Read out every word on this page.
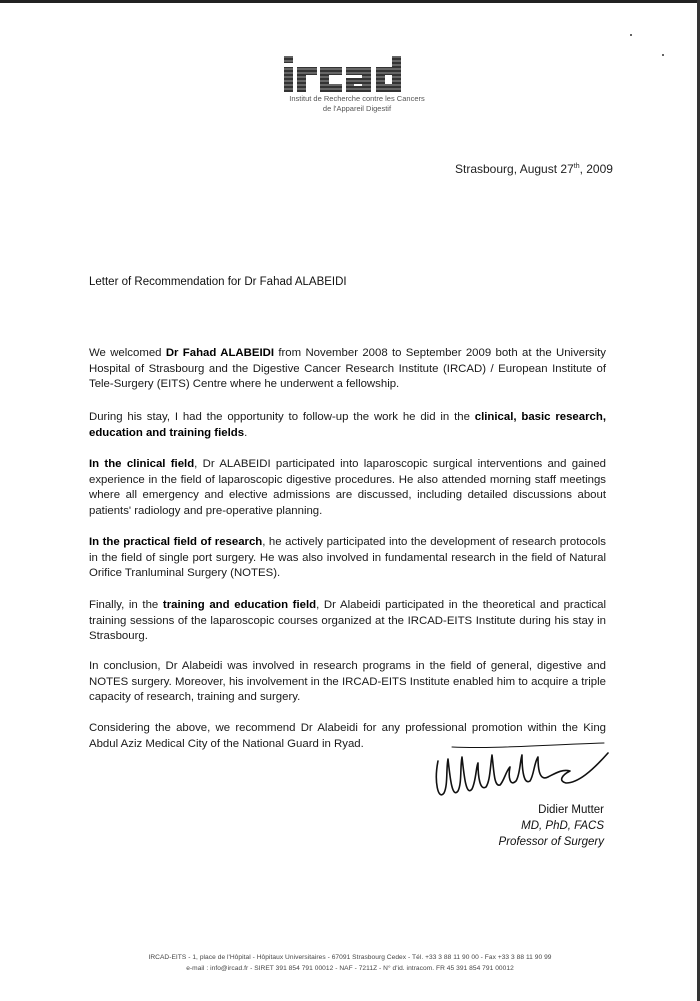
Institut de Recherche contre les Cancers
de l'Appareil Digestif
Strasbourg, August 27th, 2009
Letter of Recommendation for Dr Fahad ALABEIDI
We welcomed Dr Fahad ALABEIDI from November 2008 to September 2009 both at the University Hospital of Strasbourg and the Digestive Cancer Research Institute (IRCAD) / European Institute of Tele-Surgery (EITS) Centre where he underwent a fellowship.
During his stay, I had the opportunity to follow-up the work he did in the clinical, basic research, education and training fields.
In the clinical field, Dr ALABEIDI participated into laparoscopic surgical interventions and gained experience in the field of laparoscopic digestive procedures. He also attended morning staff meetings where all emergency and elective admissions are discussed, including detailed discussions about patients' radiology and pre-operative planning.
In the practical field of research, he actively participated into the development of research protocols in the field of single port surgery. He was also involved in fundamental research in the field of Natural Orifice Tranluminal Surgery (NOTES).
Finally, in the training and education field, Dr Alabeidi participated in the theoretical and practical training sessions of the laparoscopic courses organized at the IRCAD-EITS Institute during his stay in Strasbourg.
In conclusion, Dr Alabeidi was involved in research programs in the field of general, digestive and NOTES surgery. Moreover, his involvement in the IRCAD-EITS Institute enabled him to acquire a triple capacity of research, training and surgery.
Considering the above, we recommend Dr Alabeidi for any professional promotion within the King Abdul Aziz Medical City of the National Guard in Ryad.
Didier Mutter
MD, PhD, FACS
Professor of Surgery
IRCAD-EITS - 1, place de l'Hôpital - Hôpitaux Universitaires - 67091 Strasbourg Cedex - Tél. +33 3 88 11 90 00 - Fax +33 3 88 11 90 99
e-mail : info@ircad.fr - SIRET 391 854 791 00012 - NAF - 7211Z - N° d'id. intracom. FR 45 391 854 791 00012
